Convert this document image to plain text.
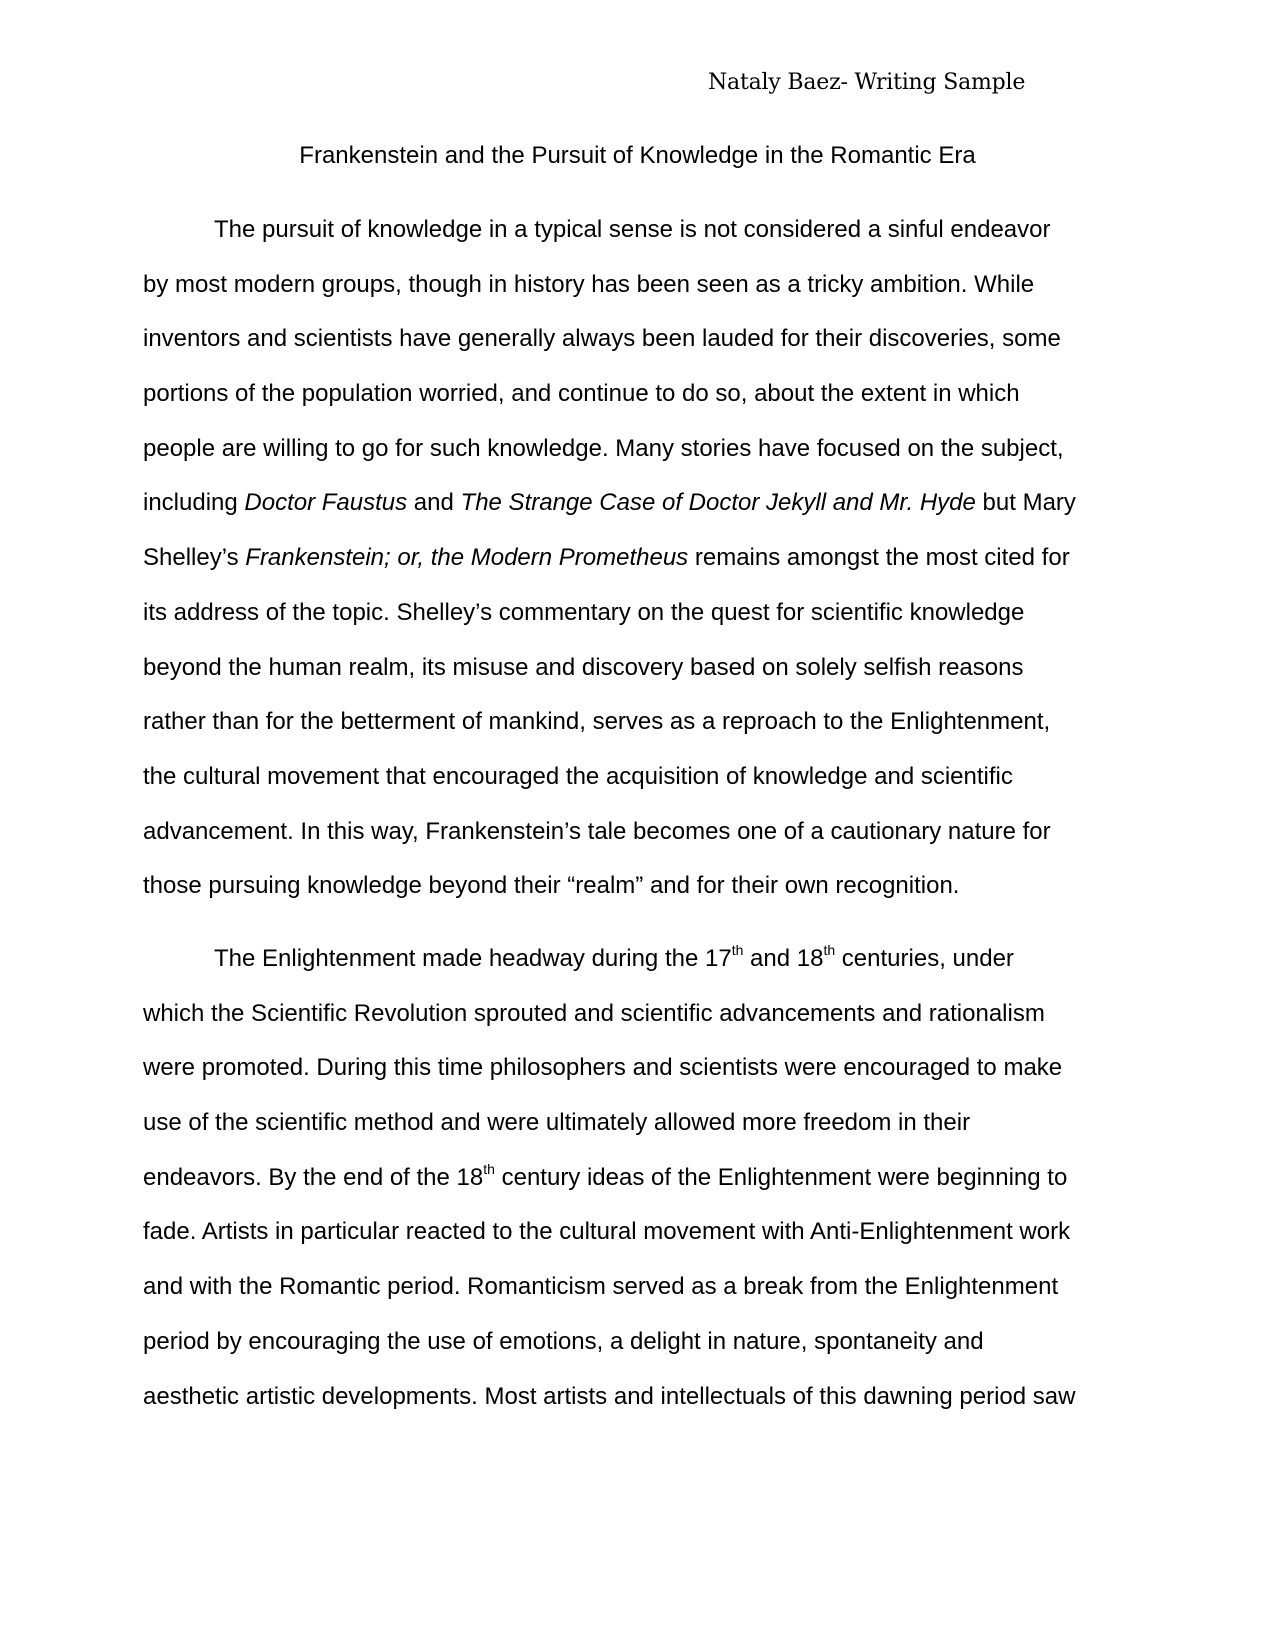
Nataly Baez- Writing Sample
Frankenstein and the Pursuit of Knowledge in the Romantic Era
The pursuit of knowledge in a typical sense is not considered a sinful endeavor
by most modern groups, though in history has been seen as a tricky ambition. While
inventors and scientists have generally always been lauded for their discoveries, some
portions of the population worried, and continue to do so, about the extent in which
people are willing to go for such knowledge. Many stories have focused on the subject,
including Doctor Faustus and The Strange Case of Doctor Jekyll and Mr. Hyde but Mary
Shelley’s Frankenstein; or, the Modern Prometheus remains amongst the most cited for
its address of the topic. Shelley’s commentary on the quest for scientific knowledge
beyond the human realm, its misuse and discovery based on solely selfish reasons
rather than for the betterment of mankind, serves as a reproach to the Enlightenment,
the cultural movement that encouraged the acquisition of knowledge and scientific
advancement. In this way, Frankenstein’s tale becomes one of a cautionary nature for
those pursuing knowledge beyond their “realm” and for their own recognition.
The Enlightenment made headway during the 17th and 18th centuries, under
which the Scientific Revolution sprouted and scientific advancements and rationalism
were promoted. During this time philosophers and scientists were encouraged to make
use of the scientific method and were ultimately allowed more freedom in their
endeavors. By the end of the 18th century ideas of the Enlightenment were beginning to
fade. Artists in particular reacted to the cultural movement with Anti-Enlightenment work
and with the Romantic period. Romanticism served as a break from the Enlightenment
period by encouraging the use of emotions, a delight in nature, spontaneity and
aesthetic artistic developments. Most artists and intellectuals of this dawning period saw
